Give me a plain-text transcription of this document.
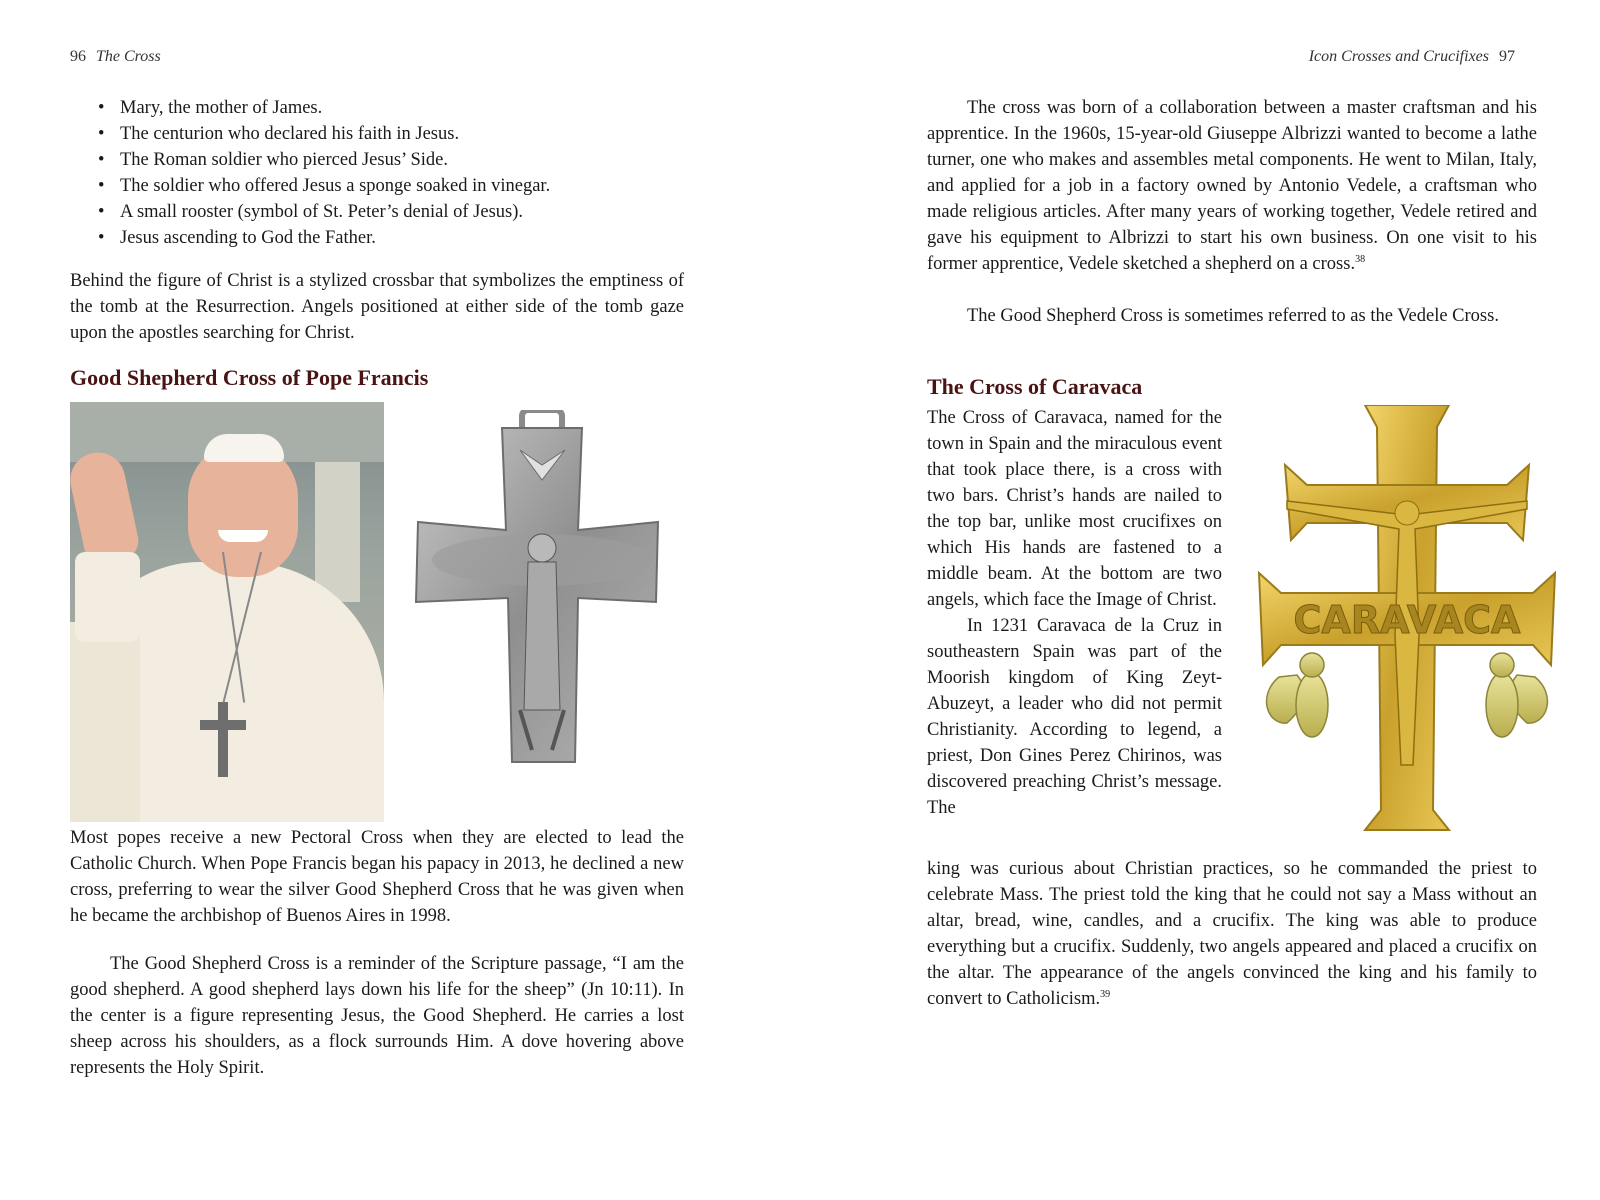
96 The Cross
• Mary, the mother of James.
• The centurion who declared his faith in Jesus.
• The Roman soldier who pierced Jesus’ Side.
• The soldier who offered Jesus a sponge soaked in vinegar.
• A small rooster (symbol of St. Peter’s denial of Jesus).
• Jesus ascending to God the Father.

Behind the figure of Christ is a stylized crossbar that symbolizes the emptiness of the tomb at the Resurrection. Angels positioned at either side of the tomb gaze upon the apostles searching for Christ.

Good Shepherd Cross of Pope Francis

Most popes receive a new Pectoral Cross when they are elected to lead the Catholic Church. When Pope Francis began his papacy in 2013, he declined a new cross, preferring to wear the silver Good Shepherd Cross that he was given when he became the archbishop of Buenos Aires in 1998.

The Good Shepherd Cross is a reminder of the Scripture passage, “I am the good shepherd. A good shepherd lays down his life for the sheep” (Jn 10:11). In the center is a figure representing Jesus, the Good Shepherd. He carries a lost sheep across his shoulders, as a flock surrounds Him. A dove hovering above represents the Holy Spirit.

Icon Crosses and Crucifixes 97

The cross was born of a collaboration between a master craftsman and his apprentice. In the 1960s, 15-year-old Giuseppe Albrizzi wanted to become a lathe turner, one who makes and assembles metal components. He went to Milan, Italy, and applied for a job in a factory owned by Antonio Vedele, a craftsman who made religious articles. After many years of working together, Vedele retired and gave his equipment to Albrizzi to start his own business. On one visit to his former apprentice, Vedele sketched a shepherd on a cross.$^{38}$

The Good Shepherd Cross is sometimes referred to as the Vedele Cross.

The Cross of Caravaca

The Cross of Caravaca, named for the town in Spain and the miraculous event that took place there, is a cross with two bars. Christ’s hands are nailed to the top bar, unlike most crucifixes on which His hands are fastened to a middle beam. At the bottom are two angels, which face the Image of Christ.

In 1231 Caravaca de la Cruz in southeastern Spain was part of the Moorish kingdom of King Zeyt-Abuzeyt, a leader who did not permit Christianity. According to legend, a priest, Don Gines Perez Chirinos, was discovered preaching Christ’s message. The

CARAVACA

king was curious about Christian practices, so he commanded the priest to celebrate Mass. The priest told the king that he could not say a Mass without an altar, bread, wine, candles, and a crucifix. The king was able to produce everything but a crucifix. Suddenly, two angels appeared and placed a crucifix on the altar. The appearance of the angels convinced the king and his family to convert to Catholicism.$^{39}$
